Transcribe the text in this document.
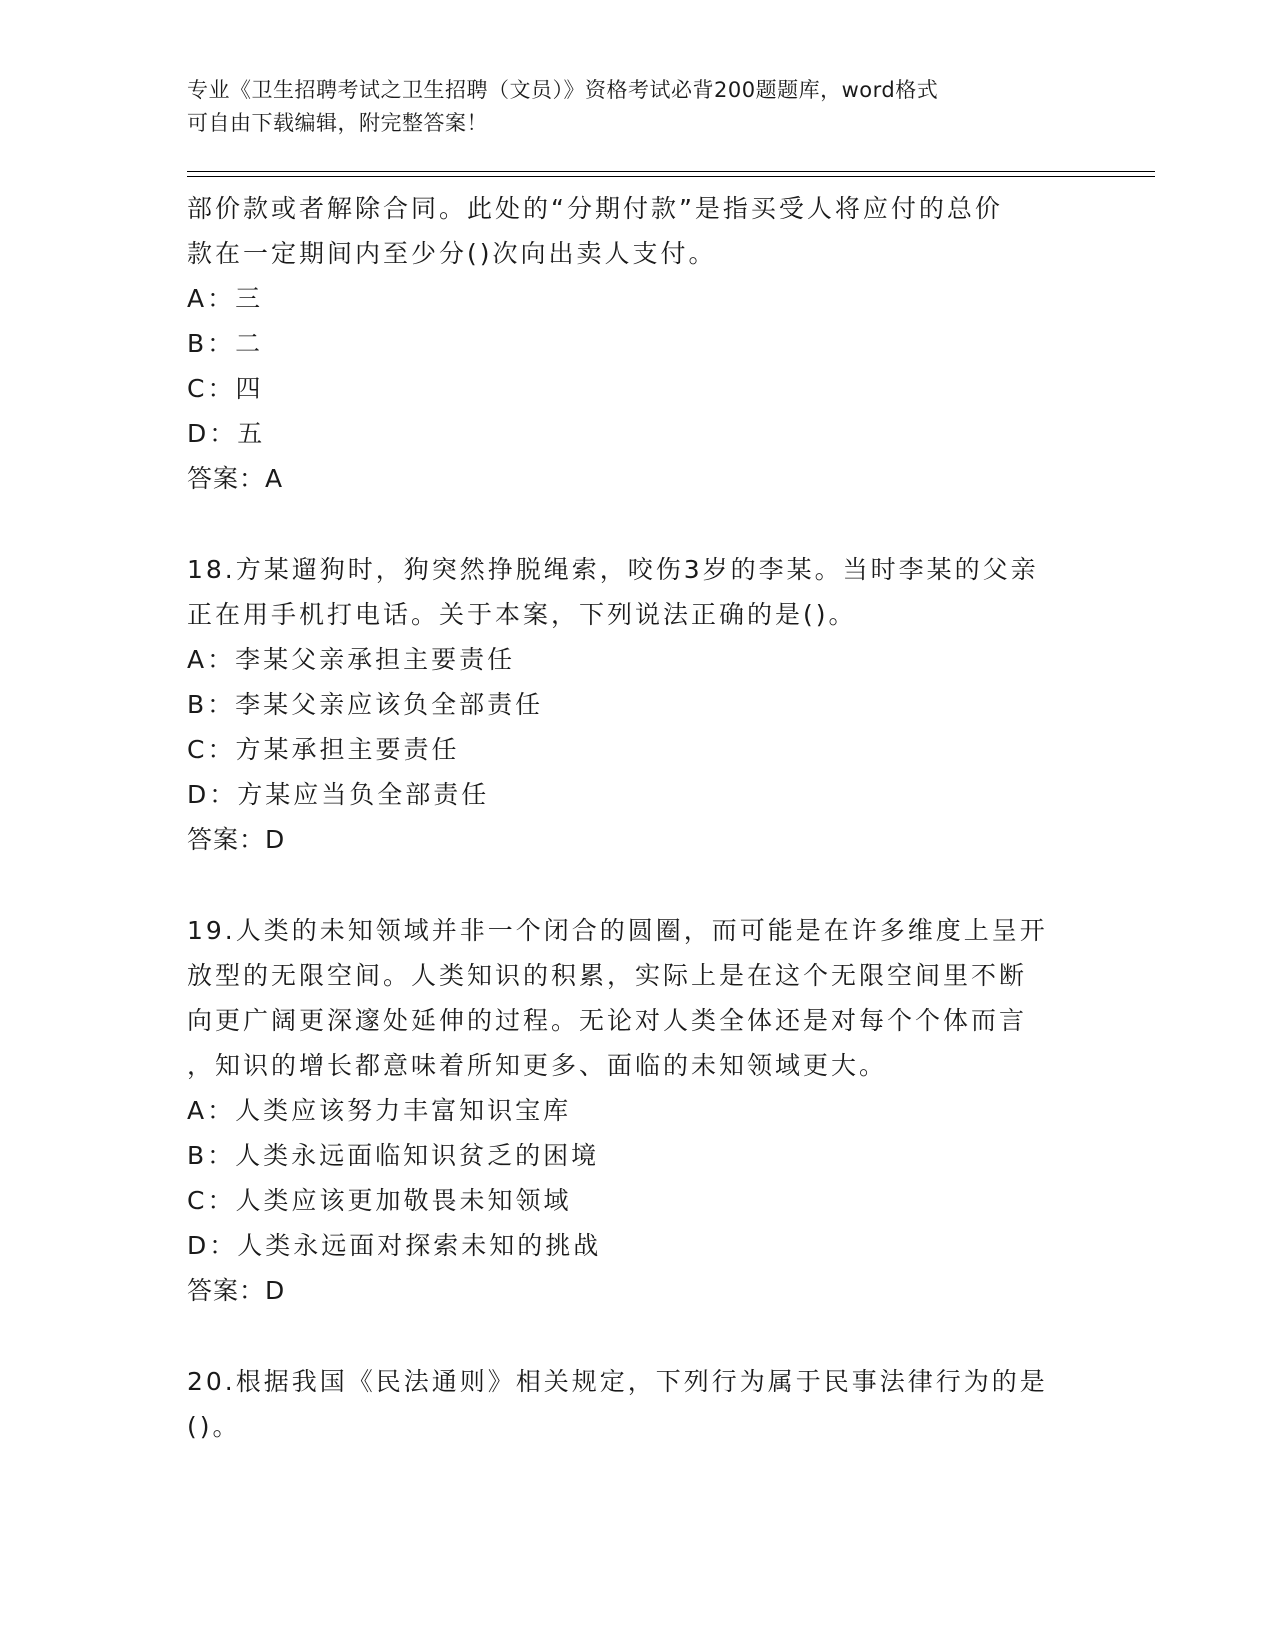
专业《卫生招聘考试之卫生招聘（文员）》资格考试必背200题题库，word格式
可自由下载编辑，附完整答案！
部价款或者解除合同。此处的“分期付款”是指买受人将应付的总价
款在一定期间内至少分()次向出卖人支付。
A：三
B：二
C：四
D：五
答案：A
18.方某遛狗时，狗突然挣脱绳索，咬伤3岁的李某。当时李某的父亲
正在用手机打电话。关于本案，下列说法正确的是()。
A：李某父亲承担主要责任
B：李某父亲应该负全部责任
C：方某承担主要责任
D：方某应当负全部责任
答案：D
19.人类的未知领域并非一个闭合的圆圈，而可能是在许多维度上呈开
放型的无限空间。人类知识的积累，实际上是在这个无限空间里不断
向更广阔更深邃处延伸的过程。无论对人类全体还是对每个个体而言
，知识的增长都意味着所知更多、面临的未知领域更大。
A：人类应该努力丰富知识宝库
B：人类永远面临知识贫乏的困境
C：人类应该更加敬畏未知领域
D：人类永远面对探索未知的挑战
答案：D
20.根据我国《民法通则》相关规定，下列行为属于民事法律行为的是
()。
